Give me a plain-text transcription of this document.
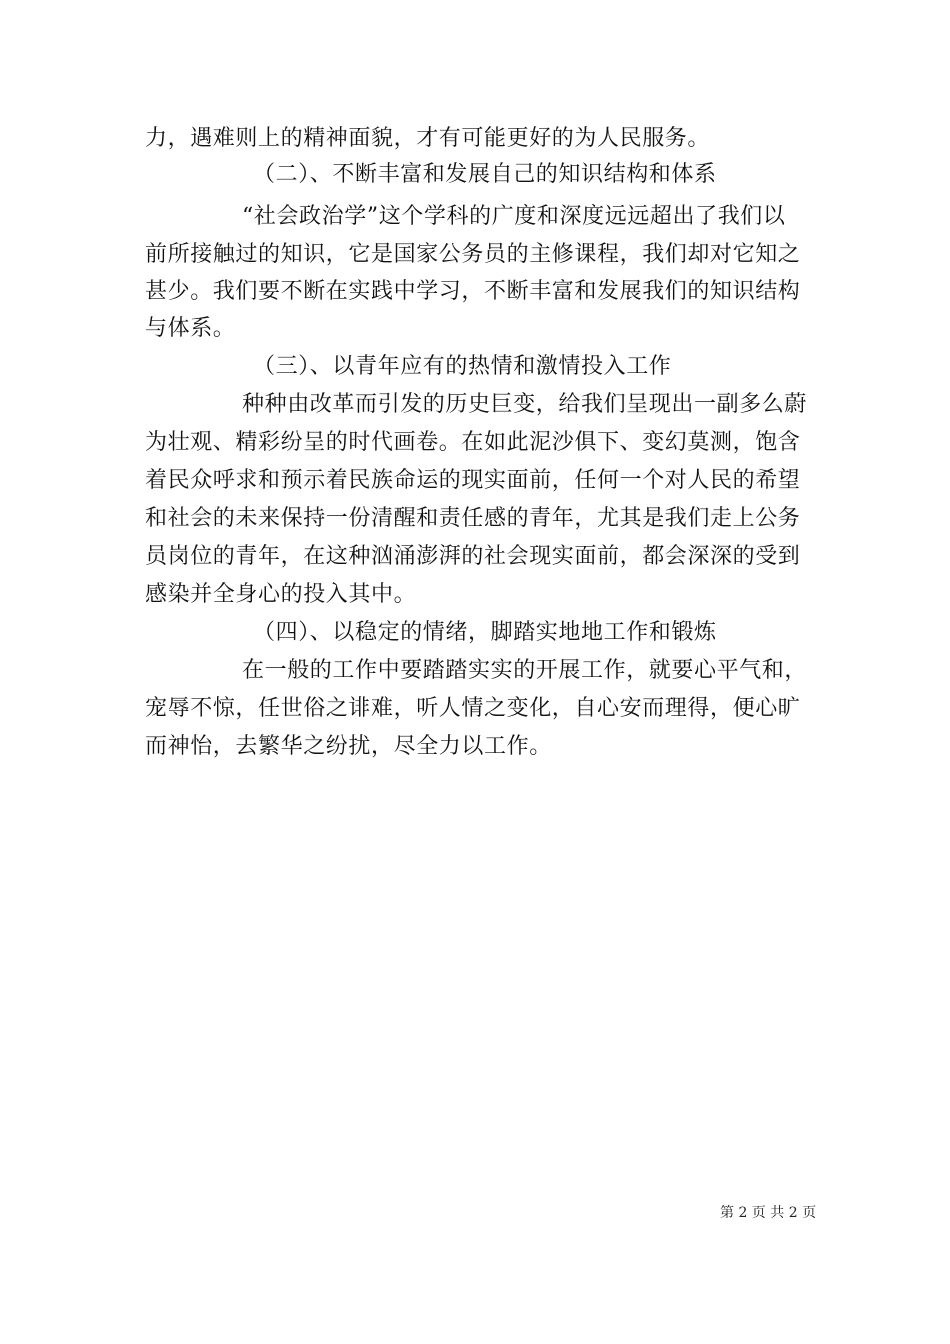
力，遇难则上的精神面貌，才有可能更好的为人民服务。
（二）、不断丰富和发展自己的知识结构和体系
“社会政治学”这个学科的广度和深度远远超出了我们以
前所接触过的知识，它是国家公务员的主修课程，我们却对它知之
甚少。我们要不断在实践中学习，不断丰富和发展我们的知识结构
与体系。
（三）、以青年应有的热情和激情投入工作
种种由改革而引发的历史巨变，给我们呈现出一副多么蔚
为壮观、精彩纷呈的时代画卷。在如此泥沙俱下、变幻莫测，饱含
着民众呼求和预示着民族命运的现实面前，任何一个对人民的希望
和社会的未来保持一份清醒和责任感的青年，尤其是我们走上公务
员岗位的青年，在这种汹涌澎湃的社会现实面前，都会深深的受到
感染并全身心的投入其中。
（四）、以稳定的情绪，脚踏实地地工作和锻炼
在一般的工作中要踏踏实实的开展工作，就要心平气和，
宠辱不惊，任世俗之诽难，听人情之变化，自心安而理得，便心旷
而神怡，去繁华之纷扰，尽全力以工作。
第 2 页 共 2 页
